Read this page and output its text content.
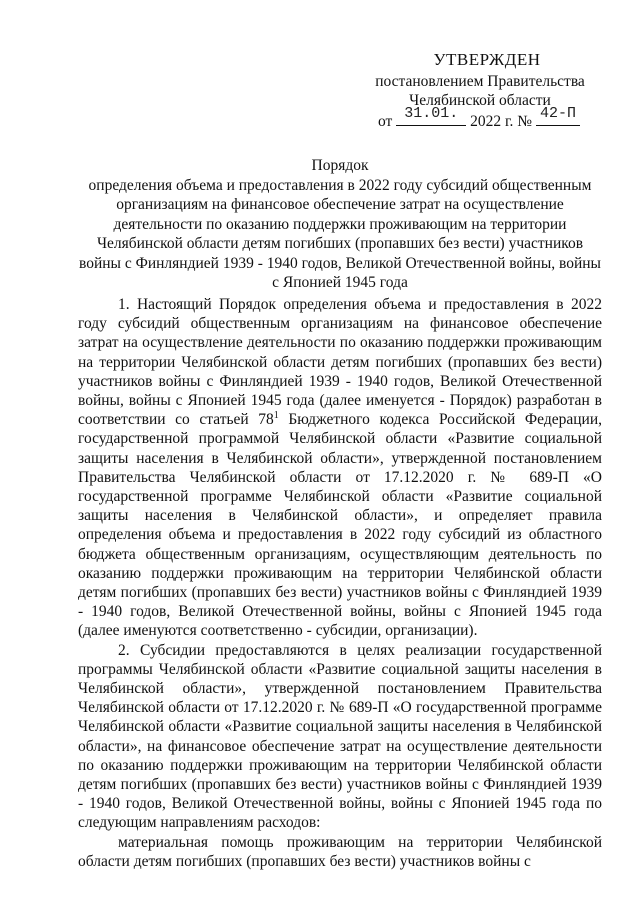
УТВЕРЖДЕН
постановлением Правительства
Челябинской области
от 31.01. 2022 г. № 42-П
Порядок
определения объема и предоставления в 2022 году субсидий общественным
организациям на финансовое обеспечение затрат на осуществление
деятельности по оказанию поддержки проживающим на территории
Челябинской области детям погибших (пропавших без вести) участников
войны с Финляндией 1939 - 1940 годов, Великой Отечественной войны, войны
с Японией 1945 года

1. Настоящий Порядок определения объема и предоставления в 2022 году субсидий общественным организациям на финансовое обеспечение затрат на осуществление деятельности по оказанию поддержки проживающим на территории Челябинской области детям погибших (пропавших без вести) участников войны с Финляндией 1939 - 1940 годов, Великой Отечественной войны, войны с Японией 1945 года (далее именуется - Порядок) разработан в соответствии со статьей $78^1$ Бюджетного кодекса Российской Федерации, государственной программой Челябинской области «Развитие социальной защиты населения в Челябинской области», утвержденной постановлением Правительства Челябинской области от 17.12.2020 г. № 689-П «О государственной программе Челябинской области «Развитие социальной защиты населения в Челябинской области», и определяет правила определения объема и предоставления в 2022 году субсидий из областного бюджета общественным организациям, осуществляющим деятельность по оказанию поддержки проживающим на территории Челябинской области детям погибших (пропавших без вести) участников войны с Финляндией 1939 - 1940 годов, Великой Отечественной войны, войны с Японией 1945 года (далее именуются соответственно - субсидии, организации).

2. Субсидии предоставляются в целях реализации государственной программы Челябинской области «Развитие социальной защиты населения в Челябинской области», утвержденной постановлением Правительства Челябинской области от 17.12.2020 г. № 689-П «О государственной программе Челябинской области «Развитие социальной защиты населения в Челябинской области», на финансовое обеспечение затрат на осуществление деятельности по оказанию поддержки проживающим на территории Челябинской области детям погибших (пропавших без вести) участников войны с Финляндией 1939 - 1940 годов, Великой Отечественной войны, войны с Японией 1945 года по следующим направлениям расходов:

материальная помощь проживающим на территории Челябинской области детям погибших (пропавших без вести) участников войны с
